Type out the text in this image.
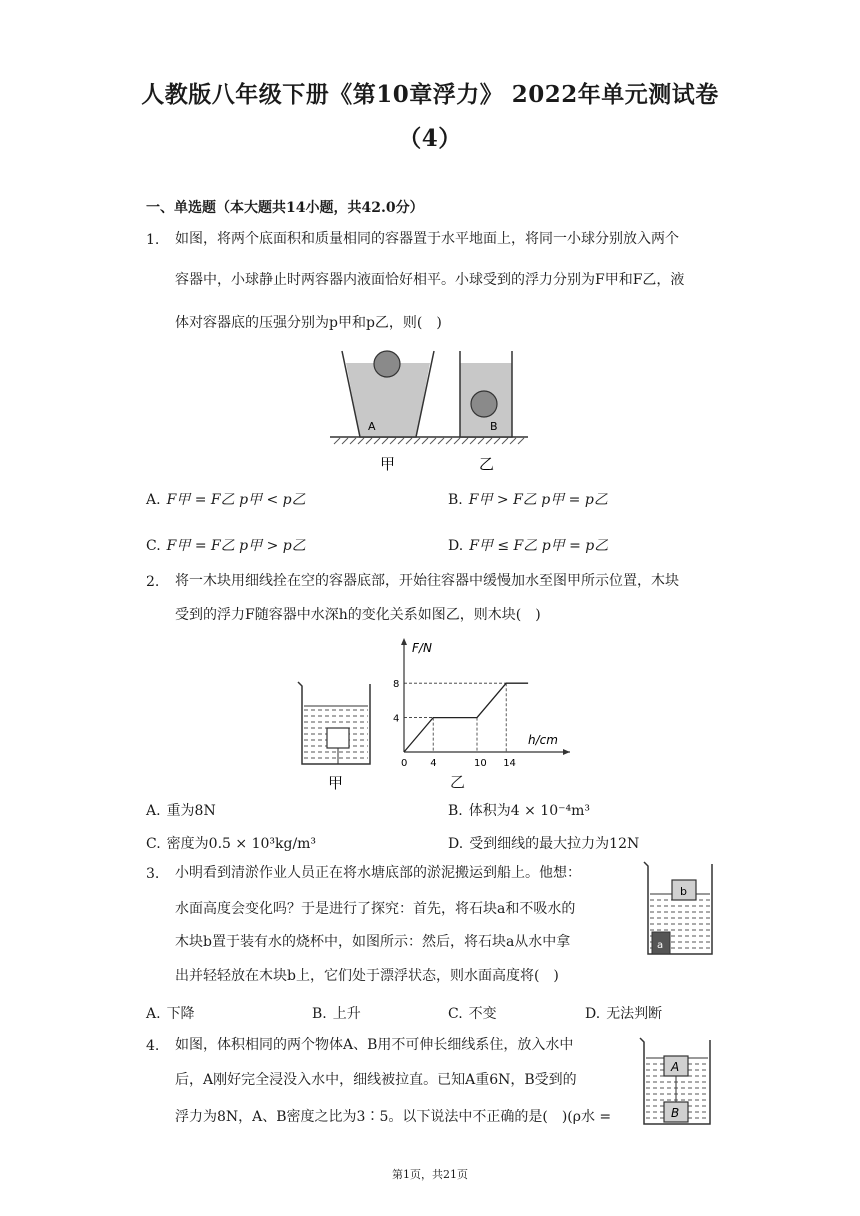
人教版八年级下册《第10章浮力》 2022年单元测试卷
（4）
一、单选题（本大题共14小题，共42.0分）
1. 如图，将两个底面积和质量相同的容器置于水平地面上，将同一小球分别放入两个
容器中，小球静止时两容器内液面恰好相平。小球受到的浮力分别为F甲和F乙，液
体对容器底的压强分别为p甲和p乙，则(　)
A	B
甲	乙
A. F甲 = F乙 p甲 < p乙	B. F甲 > F乙 p甲 = p乙
C. F甲 = F乙 p甲 > p乙	D. F甲 ≤ F乙 p甲 = p乙
2. 将一木块用细线拴在空的容器底部，开始往容器中缓慢加水至图甲所示位置，木块
受到的浮力F随容器中水深h的变化关系如图乙，则木块(　)
甲
F/N
h/cm
0 4	10 14
4
8
乙
A. 重为8N	B. 体积为4 × 10⁻⁴m³
C. 密度为0.5 × 10³kg/m³	D. 受到细线的最大拉力为12N
3. 小明看到清淤作业人员正在将水塘底部的淤泥搬运到船上。他想：
水面高度会变化吗？于是进行了探究：首先，将石块a和不吸水的
木块b置于装有水的烧杯中，如图所示：然后，将石块a从水中拿
出并轻轻放在木块b上，它们处于漂浮状态，则水面高度将(　)
b
a
A. 下降	B. 上升	C. 不变	D. 无法判断
4. 如图，体积相同的两个物体A、B用不可伸长细线系住，放入水中
后，A刚好完全浸没入水中，细线被拉直。已知A重6N，B受到的
浮力为8N，A、B密度之比为3∶5。以下说法中不正确的是(　)(ρ水 =
A
B
第1页，共21页
